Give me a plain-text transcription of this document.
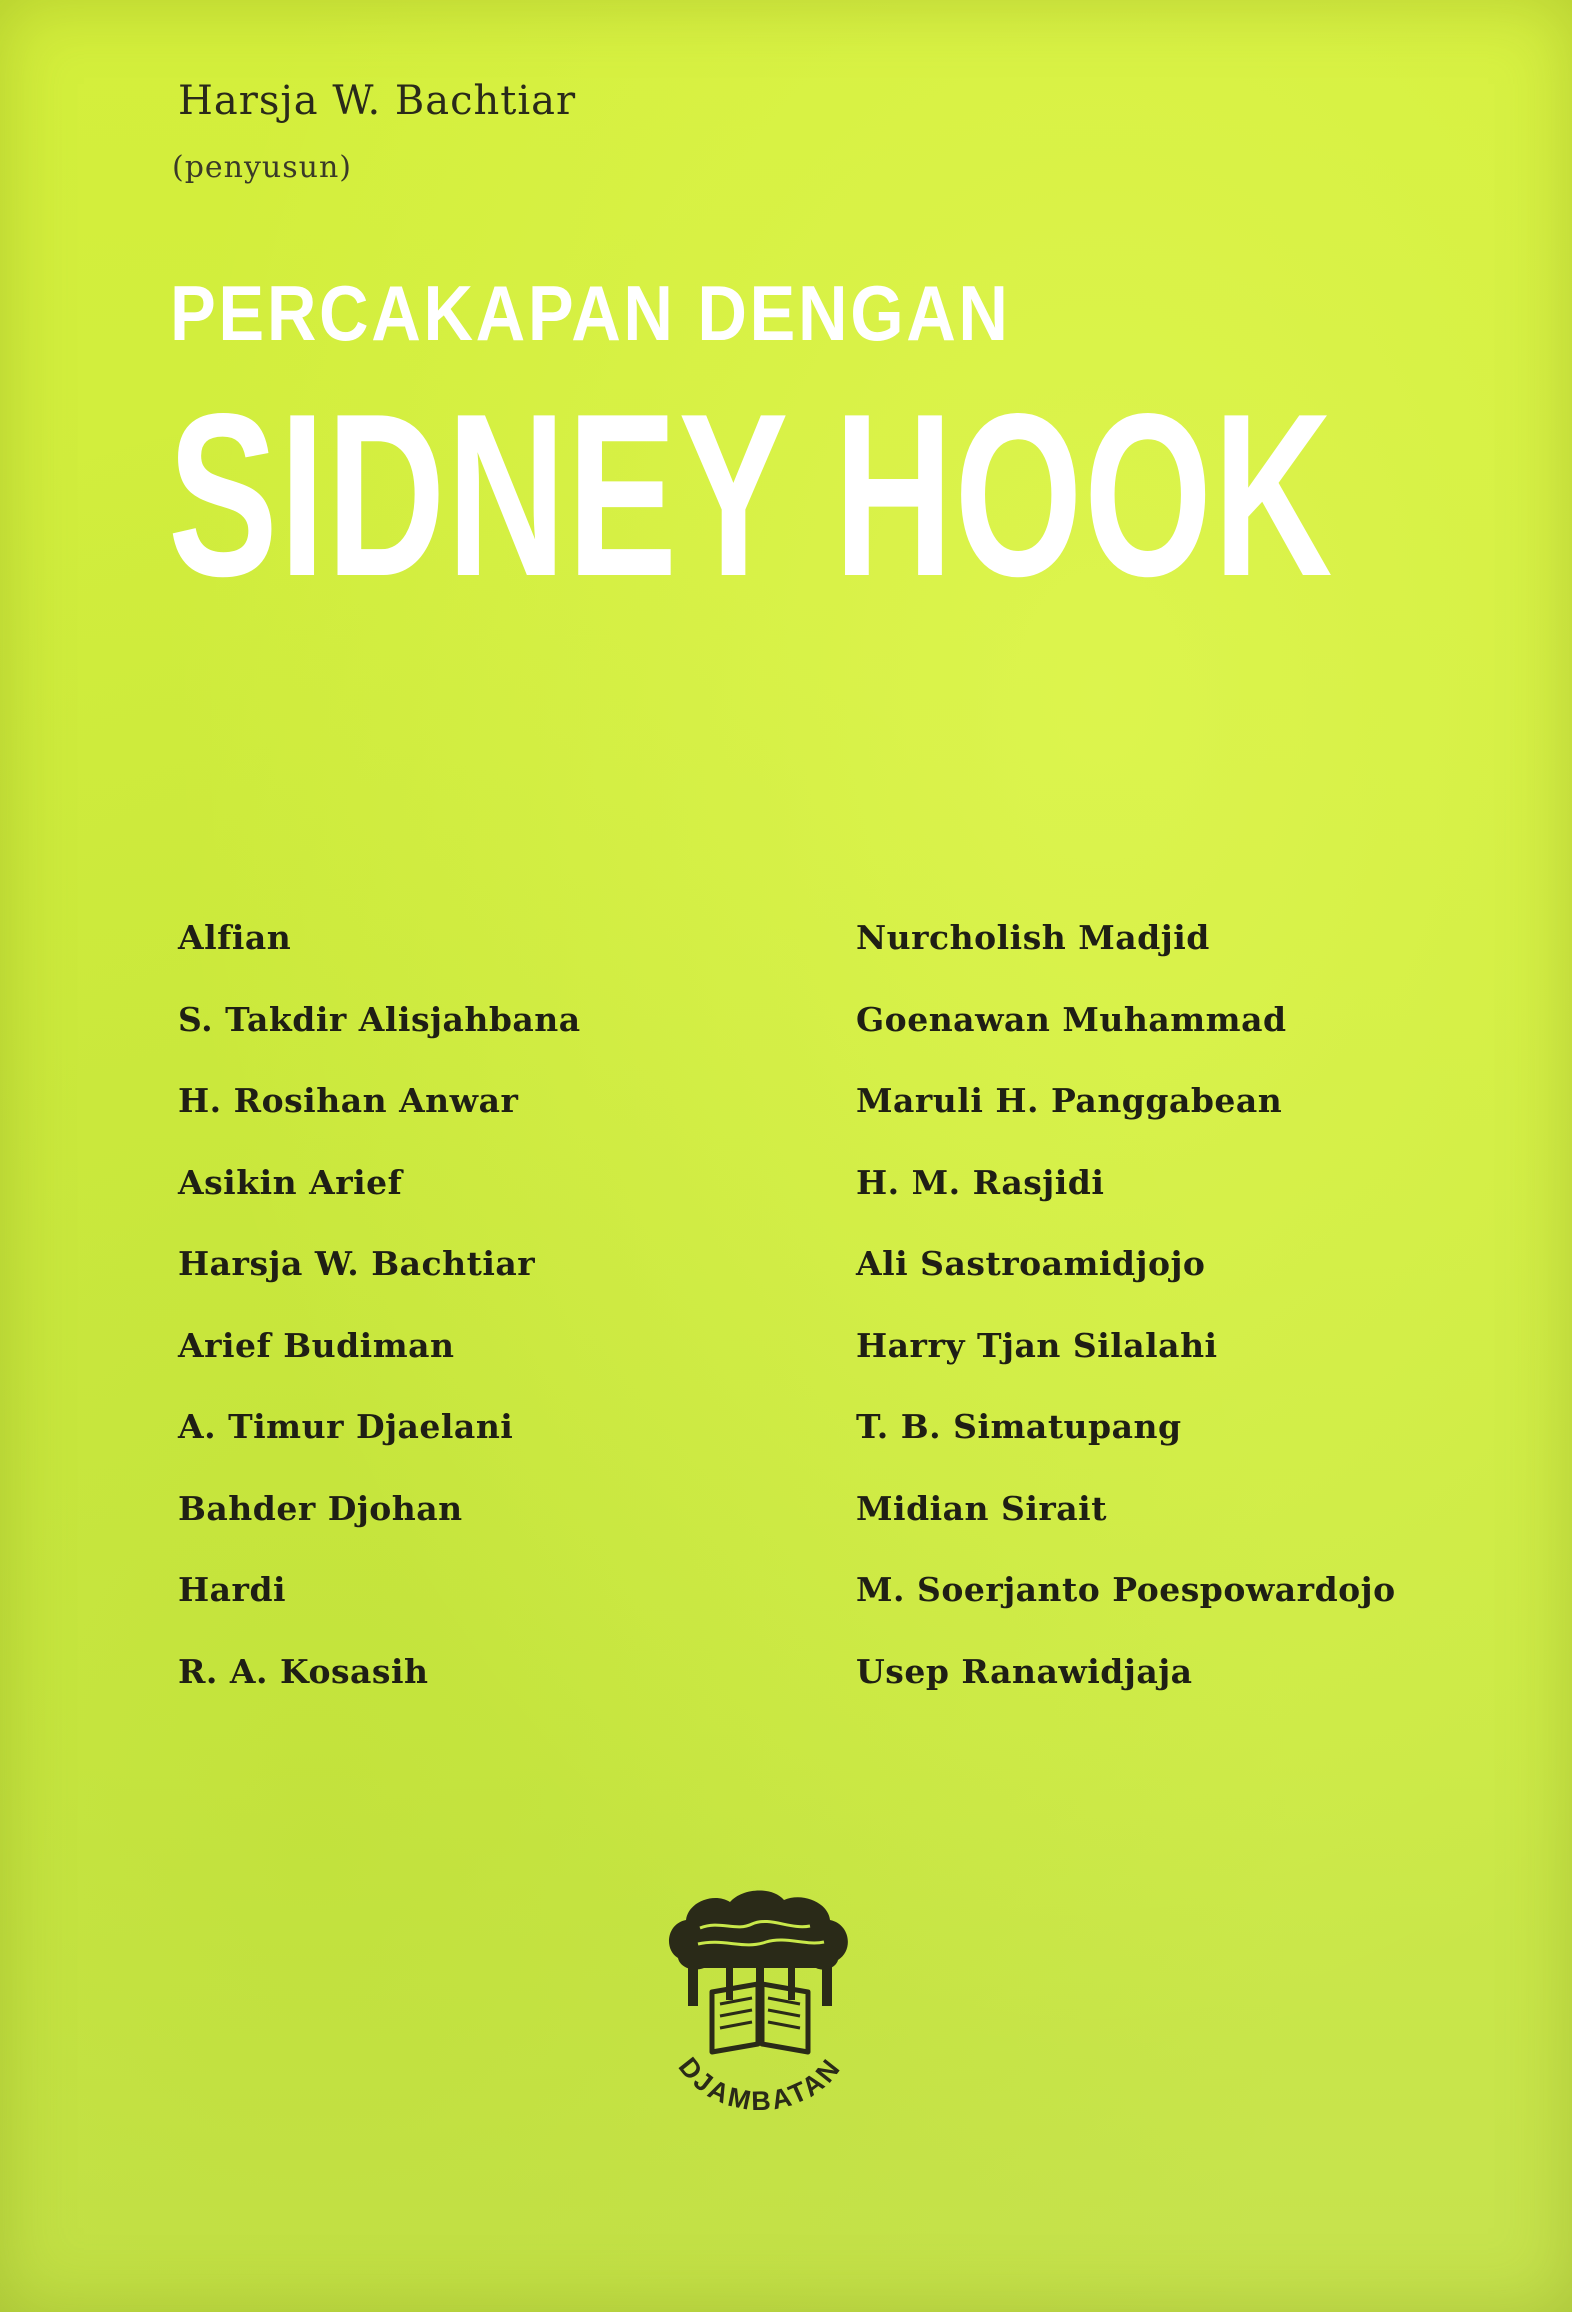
Harsja W. Bachtiar
(penyusun)
PERCAKAPAN DENGAN
SIDNEY HOOK
Alfian
S. Takdir Alisjahbana
H. Rosihan Anwar
Asikin Arief
Harsja W. Bachtiar
Arief Budiman
A. Timur Djaelani
Bahder Djohan
Hardi
R. A. Kosasih
Nurcholish Madjid
Goenawan Muhammad
Maruli H. Panggabean
H. M. Rasjidi
Ali Sastroamidjojo
Harry Tjan Silalahi
T. B. Simatupang
Midian Sirait
M. Soerjanto Poespowardojo
Usep Ranawidjaja
DJAMBATAN
